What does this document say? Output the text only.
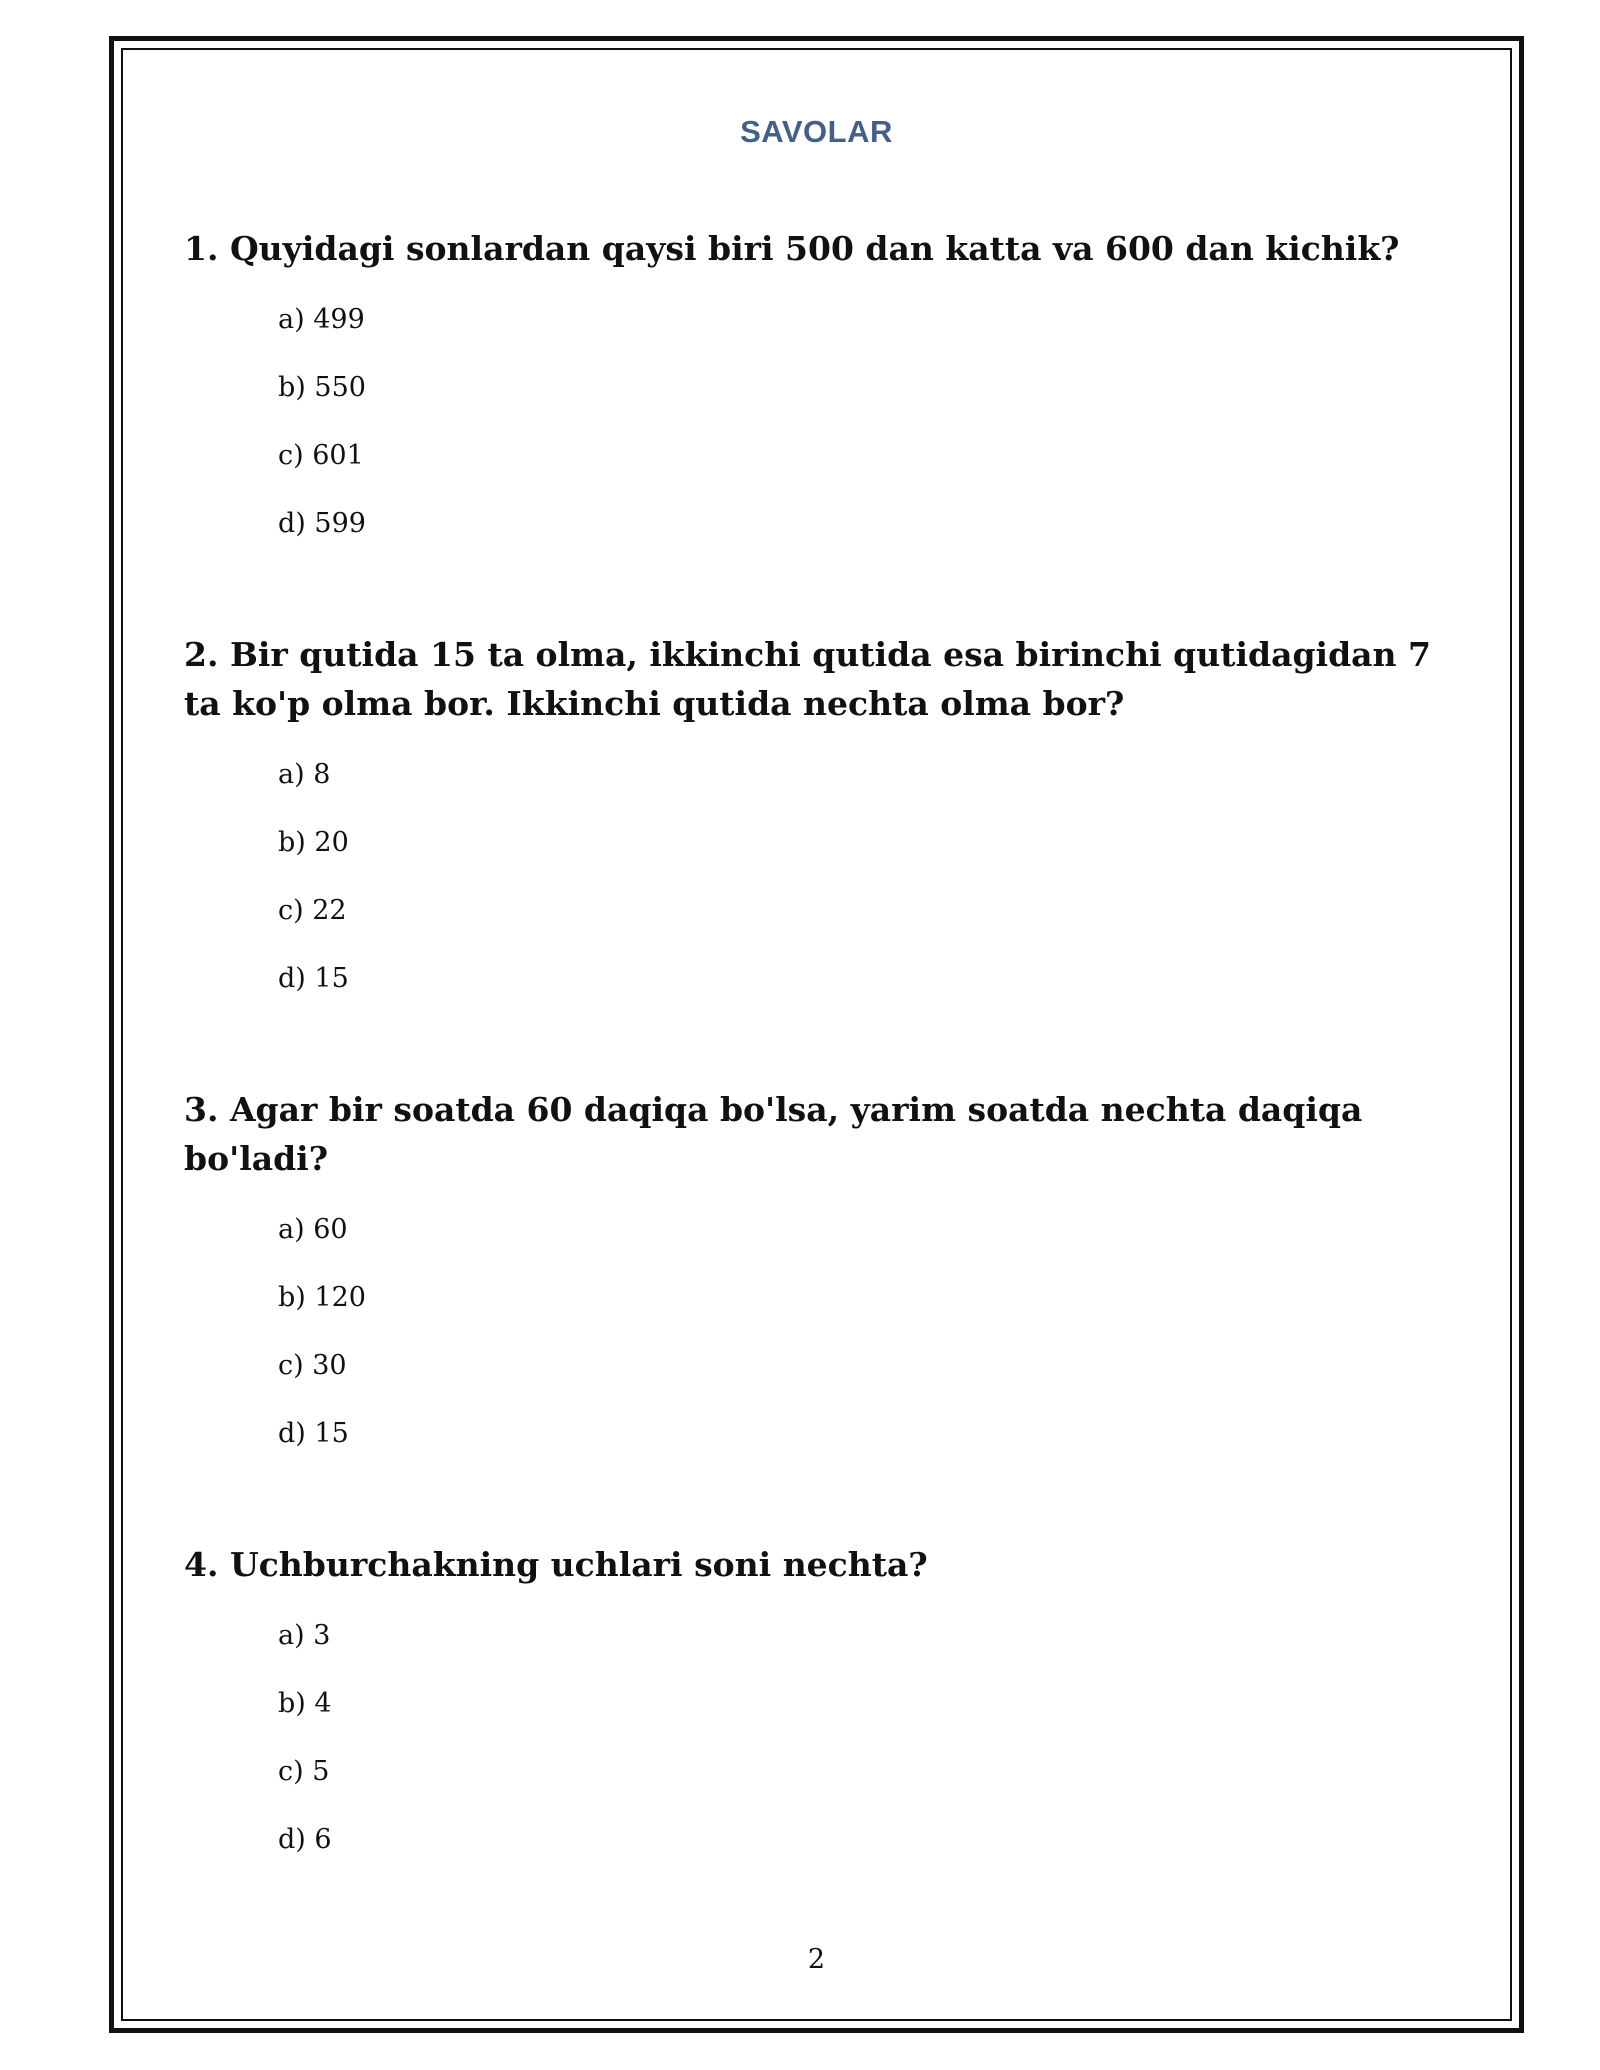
SAVOLAR

1. Quyidagi sonlardan qaysi biri 500 dan katta va 600 dan kichik?

a) 499
b) 550
c) 601
d) 599

2. Bir qutida 15 ta olma, ikkinchi qutida esa birinchi qutidagidan 7 ta ko'p olma bor. Ikkinchi qutida nechta olma bor?

a) 8
b) 20
c) 22
d) 15

3. Agar bir soatda 60 daqiqa bo'lsa, yarim soatda nechta daqiqa bo'ladi?

a) 60
b) 120
c) 30
d) 15

4. Uchburchakning uchlari soni nechta?

a) 3
b) 4
c) 5
d) 6
2
